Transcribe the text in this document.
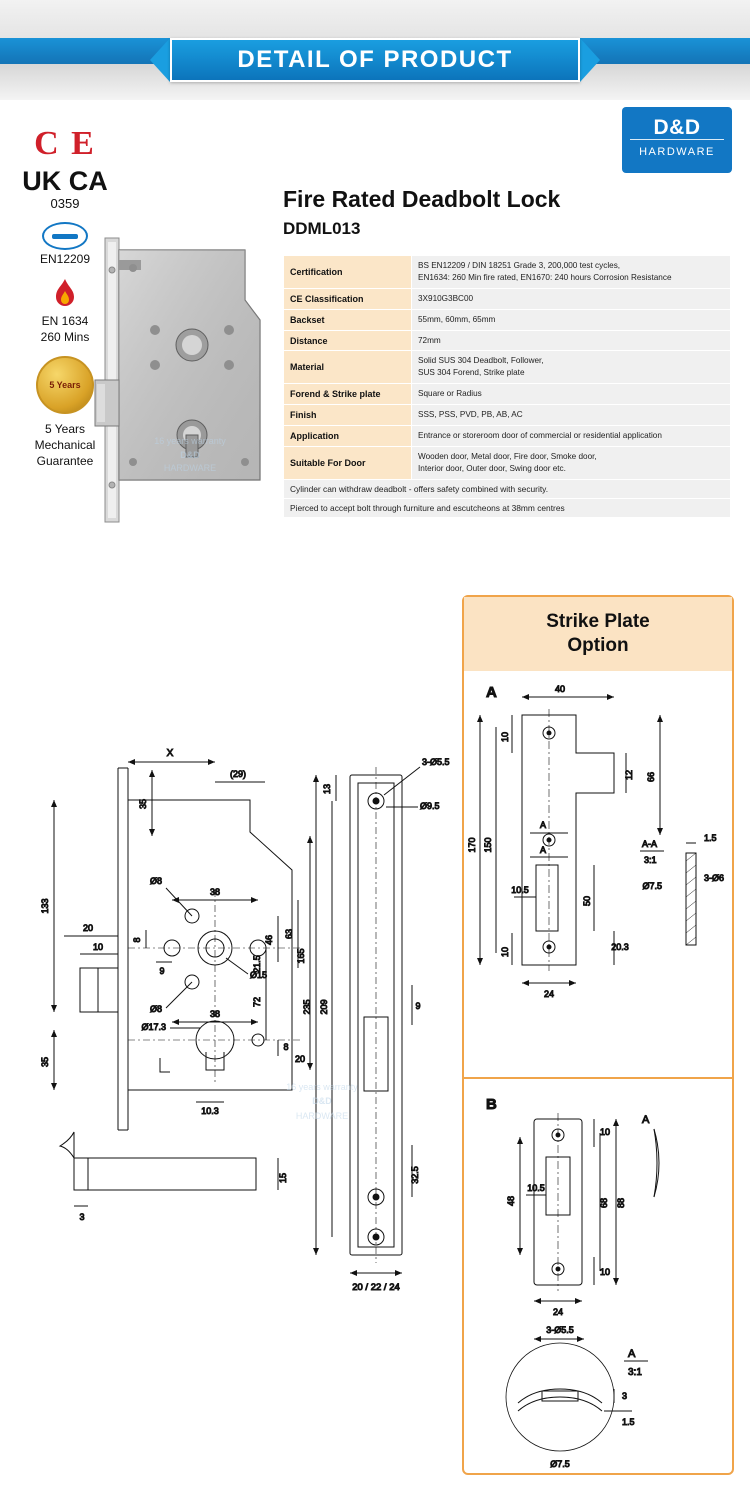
DETAIL OF PRODUCT
D&D
HARDWARE
C E
UK CA
0359
EN12209
EN 1634
260 Mins
5 Years
5 Years
Mechanical
Guarantee
16 years warranty
D&D
HARDWARE
Fire Rated Deadbolt Lock
DDML013
Certification	BS EN12209 / DIN 18251 Grade 3, 200,000 test cycles,
EN1634: 260 Min fire rated, EN1670: 240 hours Corrosion Resistance
CE Classification	3X910G3BC00
Backset	55mm, 60mm, 65mm
Distance	72mm
Material	Solid SUS 304 Deadbolt, Follower,
SUS 304 Forend, Strike plate
Forend & Strike plate	Square or Radius
Finish	SSS, PSS, PVD, PB, AB, AC
Application	Entrance or storeroom door of commercial or residential application
Suitable For Door	Wooden door, Metal door, Fire door, Smoke door,
Interior door, Outer door, Swing door etc.
Cylinder can withdraw deadbolt - offers safety combined with security.	
Pierced to accept bolt through furniture and escutcheons at 38mm centres	
Strike Plate
Option
A	40
10
12 66
170 150
A
A
10.5
50
20.3
10
24
A-A
3:1
1.5
Ø7.5
3-Ø6
B
10
88
68
48
10.5
10
24
A
A
3:1
3-Ø5.5
3
1.5
Ø7.5
X
(29)
35
133
20
10
35
Ø8
Ø8
Ø15
Ø17.3
38
38
8
9
46
63
21.5
72
165
8
20
10.3
15
3
3-Ø5.5
Ø9.5
13
235 209	9
32.5
20 / 22 / 24
16 years warranty
D&D
HARDWARE
